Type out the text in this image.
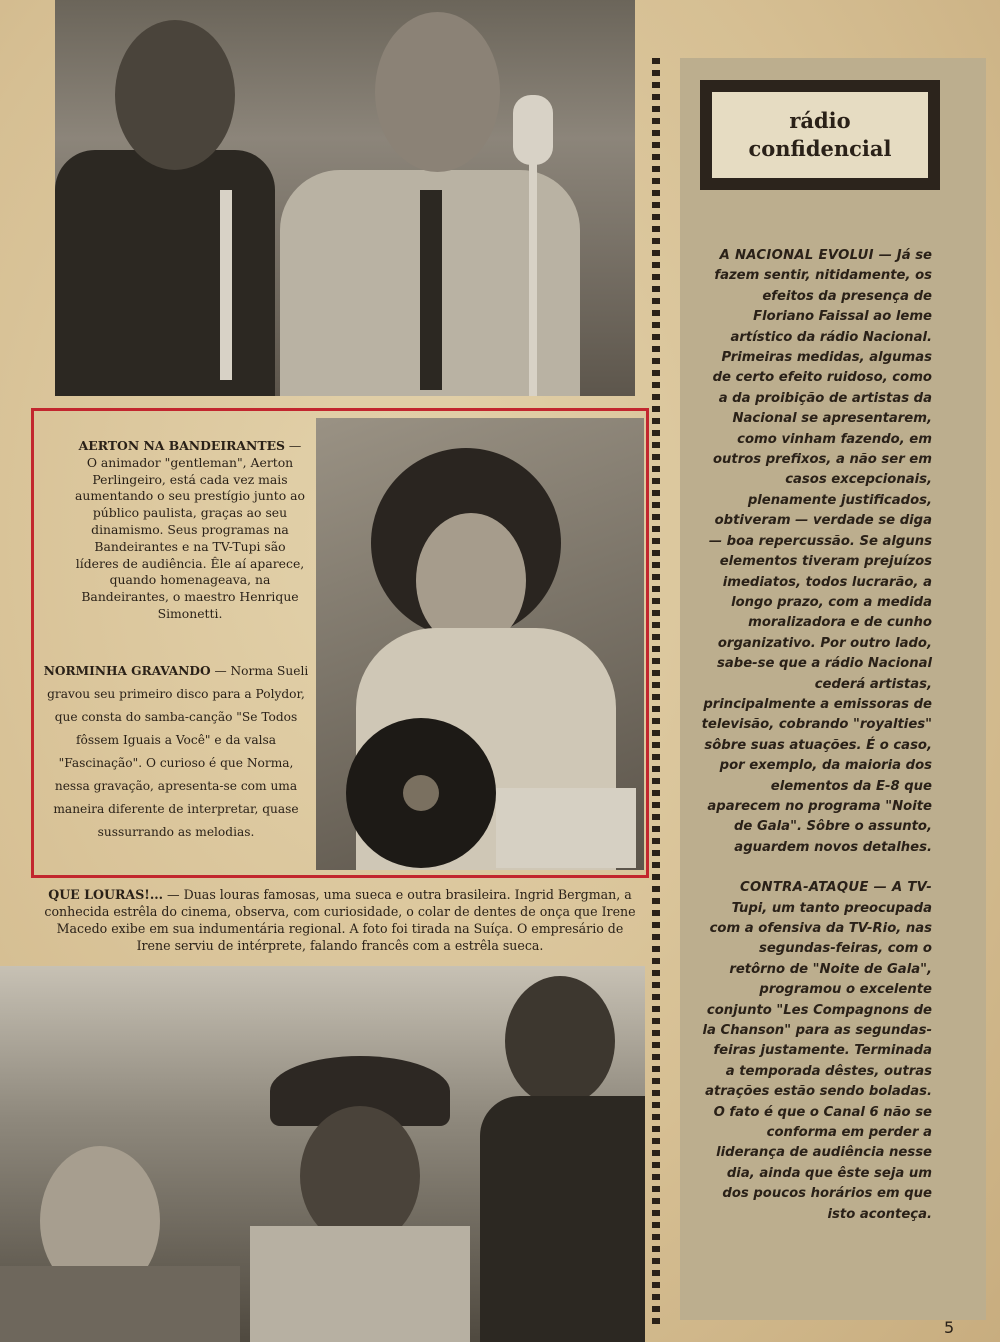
AERTON NA BANDEIRANTES — O animador "gentleman", Aerton Perlingeiro, está cada vez mais aumentando o seu prestígio junto ao público paulista, graças ao seu dinamismo. Seus programas na Bandeirantes e na TV-Tupi são líderes de audiência. Êle aí aparece, quando homenageava, na Bandeirantes, o maestro Henrique Simonetti.
NORMINHA GRAVANDO — Norma Sueli gravou seu primeiro disco para a Polydor, que consta do samba-canção "Se Todos fôssem Iguais a Você" e da valsa "Fascinação". O curioso é que Norma, nessa gravação, apresenta-se com uma maneira diferente de interpretar, quase sussurrando as melodias.
QUE LOURAS!... — Duas louras famosas, uma sueca e outra brasileira. Ingrid Bergman, a conhecida estrêla do cinema, observa, com curiosidade, o colar de dentes de onça que Irene Macedo exibe em sua indumentária regional. A foto foi tirada na Suíça. O empresário de Irene serviu de intérprete, falando francês com a estrêla sueca.
rádio
confidencial

A NACIONAL EVOLUI — Já se fazem sentir, nitidamente, os efeitos da presença de Floriano Faissal ao leme artístico da rádio Nacional. Primeiras medidas, algumas de certo efeito ruidoso, como a da proibição de artistas da Nacional se apresentarem, como vinham fazendo, em outros prefixos, a não ser em casos excepcionais, plenamente justificados, obtiveram — verdade se diga — boa repercussão. Se alguns elementos tiveram prejuízos imediatos, todos lucrarão, a longo prazo, com a medida moralizadora e de cunho organizativo. Por outro lado, sabe-se que a rádio Nacional cederá artistas, principalmente a emissoras de televisão, cobrando "royalties" sôbre suas atuações. É o caso, por exemplo, da maioria dos elementos da E-8 que aparecem no programa "Noite de Gala". Sôbre o assunto, aguardem novos detalhes.

CONTRA-ATAQUE — A TV- Tupi, um tanto preocupada com a ofensiva da TV-Rio, nas segundas-feiras, com o retôrno de "Noite de Gala", programou o excelente conjunto "Les Compagnons de la Chanson" para as segundas-feiras justamente. Terminada a temporada dêstes, outras atrações estão sendo boladas. O fato é que o Canal 6 não se conforma em perder a liderança de audiência nesse dia, ainda que êste seja um dos poucos horários em que isto aconteça.

5
